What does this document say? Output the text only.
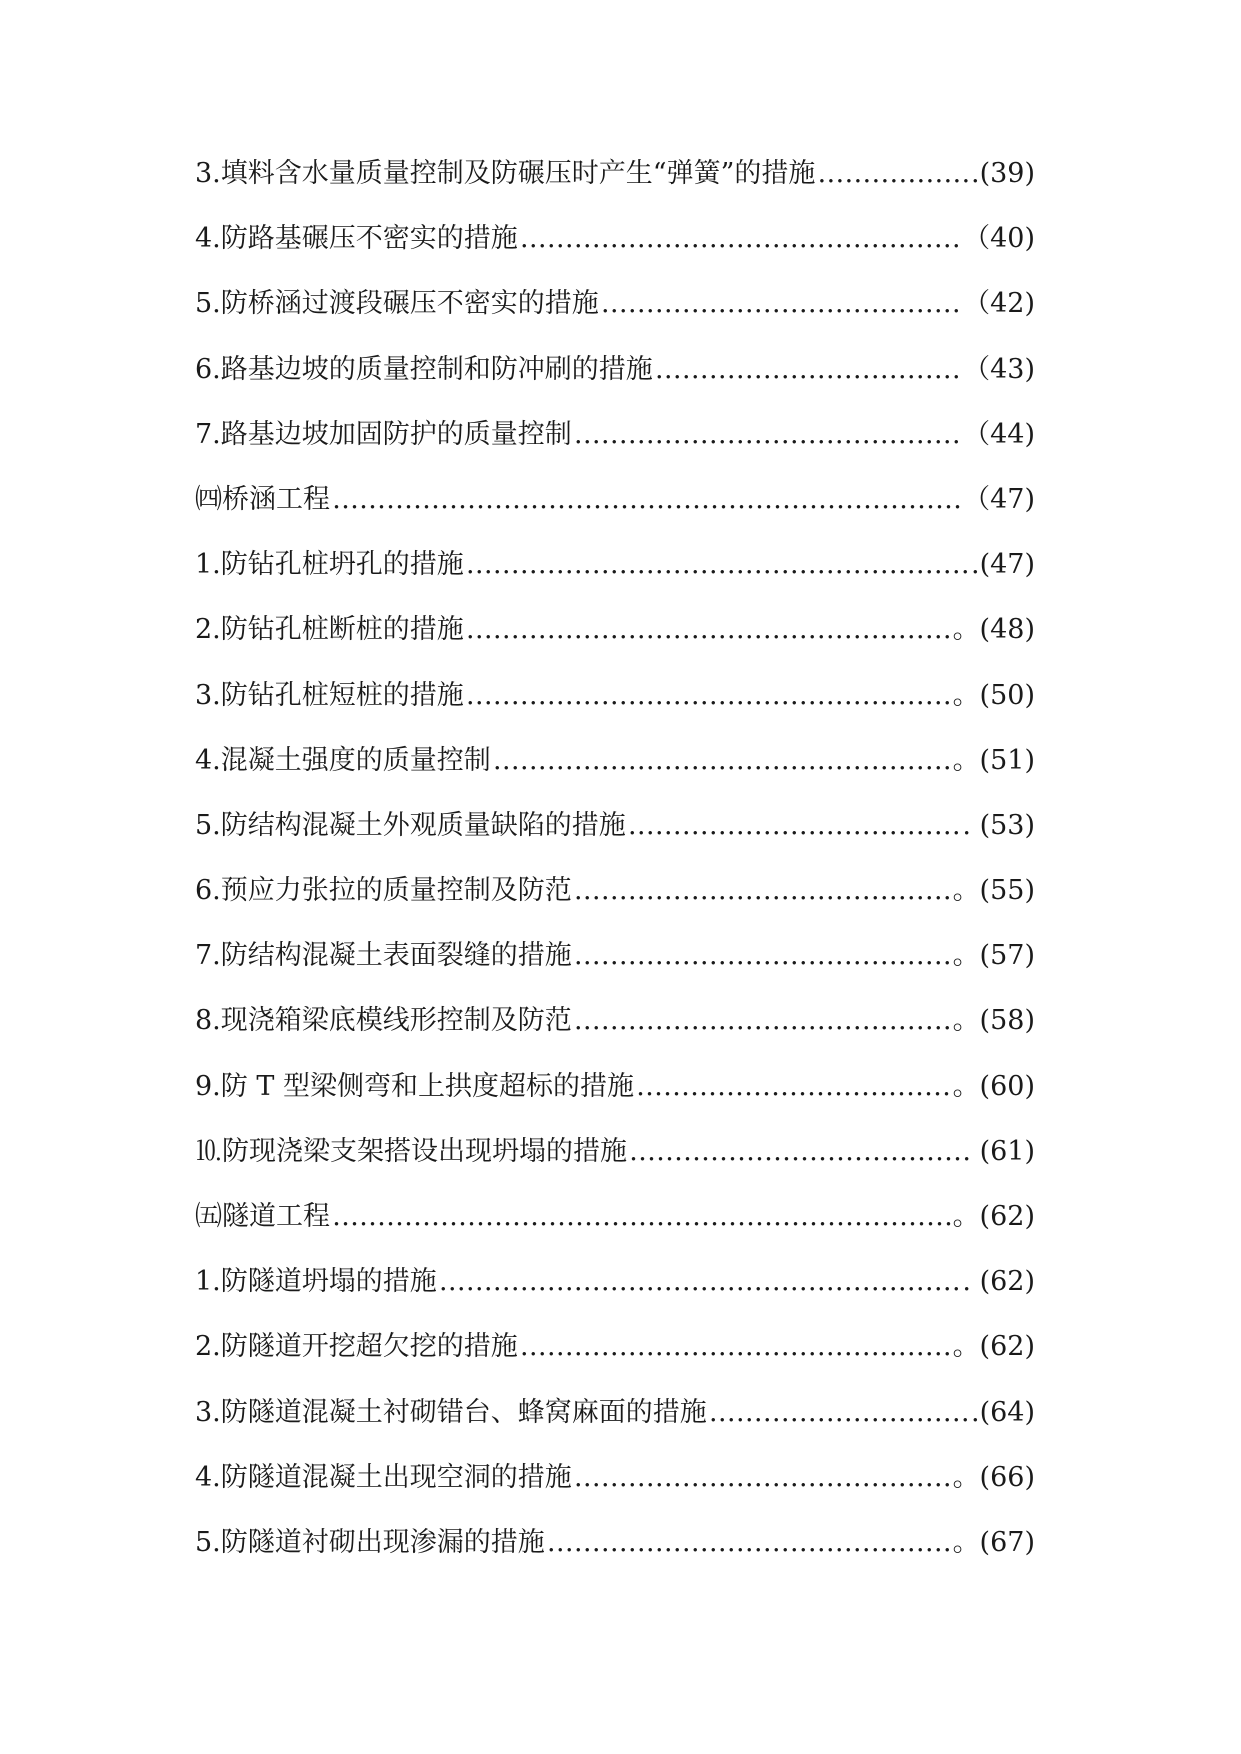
3. 填料含水量质量控制及防碾压时产生“弹簧”的措施 …………………………………………………………………………………………………………………………………………………………	.(39)
4. 防路基碾压不密实的措施 …………………………………………………………………………………………………………………………………………………………	（40)
5. 防桥涵过渡段碾压不密实的措施 …………………………………………………………………………………………………………………………………………………………	（42)
6. 路基边坡的质量控制和防冲刷的措施 …………………………………………………………………………………………………………………………………………………………	（43)
7. 路基边坡加固防护的质量控制 …………………………………………………………………………………………………………………………………………………………	（44)
㈣ 桥涵工程 …………………………………………………………………………………………………………………………………………………………	（47)
1. 防钻孔桩坍孔的措施 …………………………………………………………………………………………………………………………………………………………	.(47)
2. 防钻孔桩断桩的措施 …………………………………………………………………………………………………………………………………………………………	。(48)
3. 防钻孔桩短桩的措施 …………………………………………………………………………………………………………………………………………………………	。(50)
4. 混凝土强度的质量控制 …………………………………………………………………………………………………………………………………………………………	。(51)
5. 防结构混凝土外观质量缺陷的措施 …………………………………………………………………………………………………………………………………………………………	. (53)
6. 预应力张拉的质量控制及防范 …………………………………………………………………………………………………………………………………………………………	。(55)
7. 防结构混凝土表面裂缝的措施 …………………………………………………………………………………………………………………………………………………………	。(57)
8. 现浇箱梁底模线形控制及防范 …………………………………………………………………………………………………………………………………………………………	。(58)
9. 防 T 型梁侧弯和上拱度超标的措施 …………………………………………………………………………………………………………………………………………………………	。(60)
⒑ 防现浇梁支架搭设出现坍塌的措施 …………………………………………………………………………………………………………………………………………………………	. (61)
㈤ 隧道工程 …………………………………………………………………………………………………………………………………………………………	。(62)
1. 防隧道坍塌的措施 …………………………………………………………………………………………………………………………………………………………	. (62)
2. 防隧道开挖超欠挖的措施 …………………………………………………………………………………………………………………………………………………………	。(62)
3. 防隧道混凝土衬砌错台、蜂窝麻面的措施 …………………………………………………………………………………………………………………………………………………………	.(64)
4. 防隧道混凝土出现空洞的措施 …………………………………………………………………………………………………………………………………………………………	。(66)
5. 防隧道衬砌出现渗漏的措施 …………………………………………………………………………………………………………………………………………………………	。(67)
